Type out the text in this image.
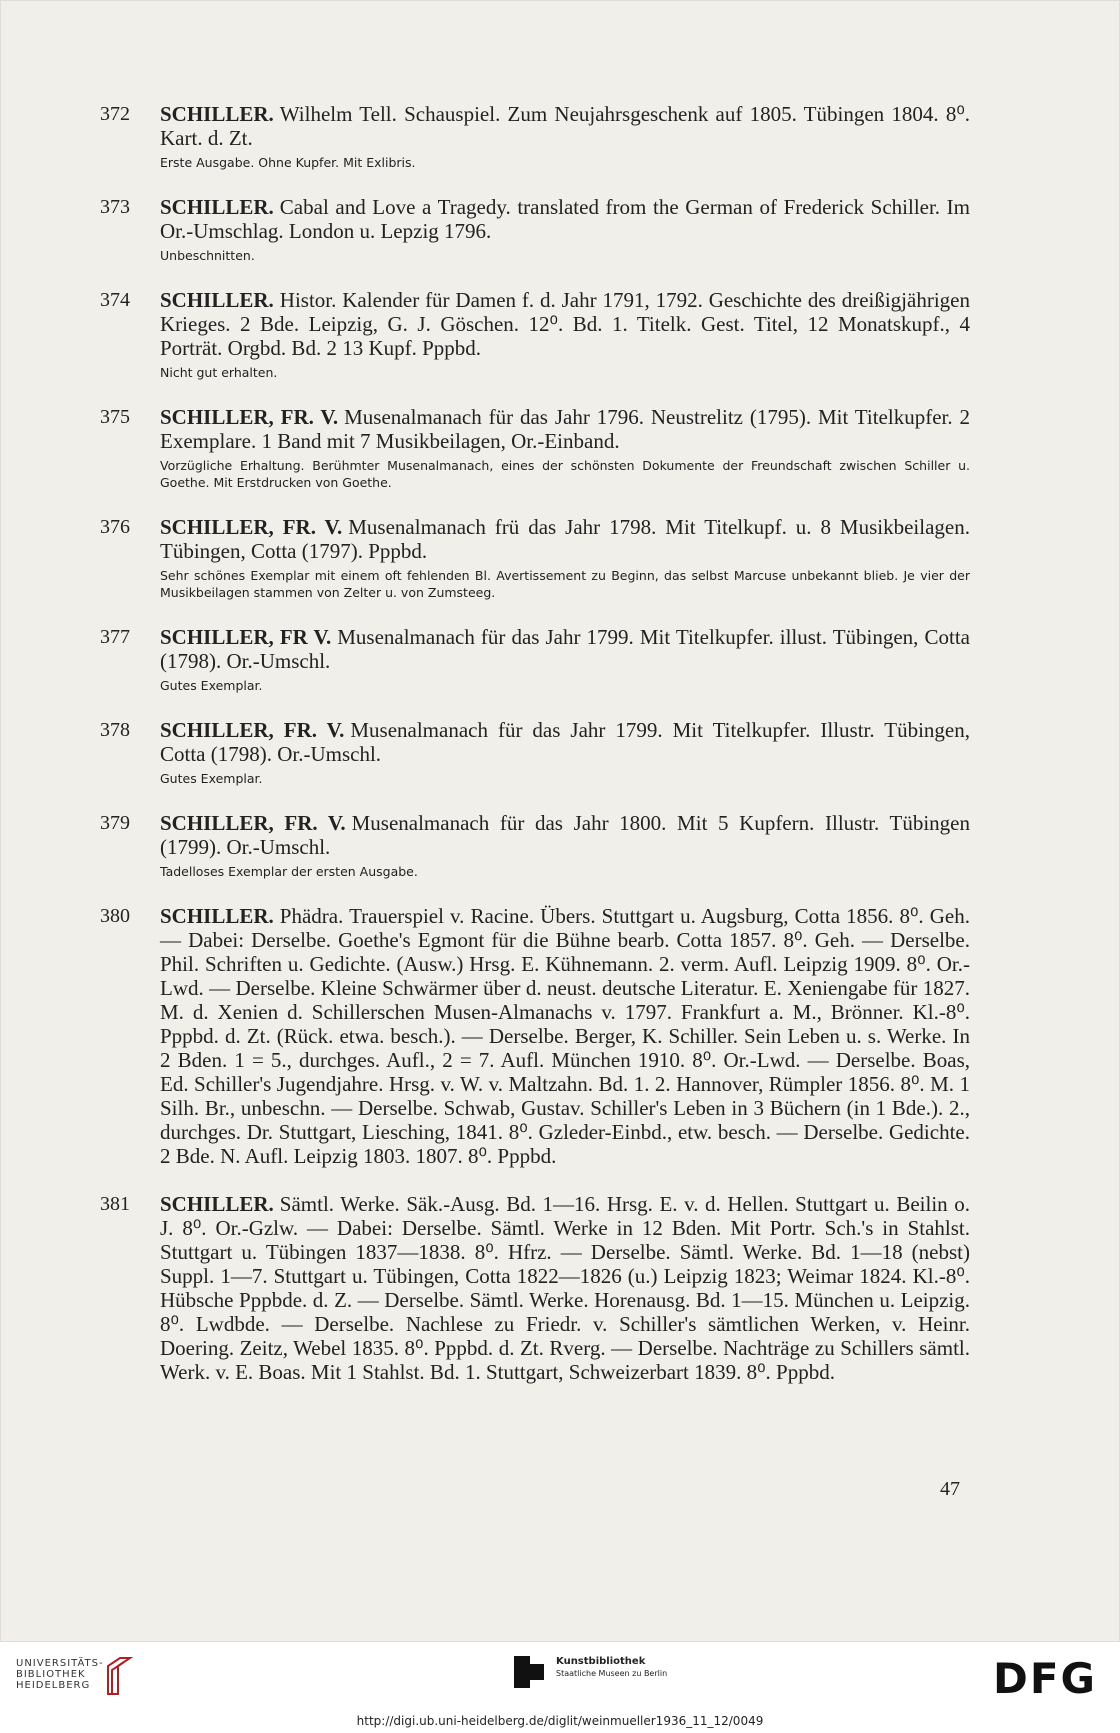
372	SCHILLER. Wilhelm Tell. Schauspiel. Zum Neujahrsgeschenk auf 1805. Tübingen 1804. 8⁰. Kart. d. Zt.
Erste Ausgabe. Ohne Kupfer. Mit Exlibris.
373	SCHILLER. Cabal and Love a Tragedy. translated from the German of Frederick Schiller. Im Or.-Umschlag. London u. Lepzig 1796.
Unbeschnitten.
374	SCHILLER. Histor. Kalender für Damen f. d. Jahr 1791, 1792. Geschichte des dreißigjährigen Krieges. 2 Bde. Leipzig, G. J. Göschen. 12⁰. Bd. 1. Titelk. Gest. Titel, 12 Monatskupf., 4 Porträt. Orgbd. Bd. 2 13 Kupf. Pppbd.
Nicht gut erhalten.
375	SCHILLER, FR. V. Musenalmanach für das Jahr 1796. Neustrelitz (1795). Mit Titelkupfer. 2 Exemplare. 1 Band mit 7 Musikbeilagen, Or.-Einband.
Vorzügliche Erhaltung. Berühmter Musenalmanach, eines der schönsten Dokumente der Freundschaft zwischen Schiller u. Goethe. Mit Erstdrucken von Goethe.
376	SCHILLER, FR. V. Musenalmanach frü das Jahr 1798. Mit Titelkupf. u. 8 Musikbeilagen. Tübingen, Cotta (1797). Pppbd.
Sehr schönes Exemplar mit einem oft fehlenden Bl. Avertissement zu Beginn, das selbst Marcuse unbekannt blieb. Je vier der Musikbeilagen stammen von Zelter u. von Zumsteeg.
377	SCHILLER, FR V. Musenalmanach für das Jahr 1799. Mit Titelkupfer. illust. Tübingen, Cotta (1798). Or.-Umschl.
Gutes Exemplar.
378	SCHILLER, FR. V. Musenalmanach für das Jahr 1799. Mit Titelkupfer. Illustr. Tübingen, Cotta (1798). Or.-Umschl.
Gutes Exemplar.
379	SCHILLER, FR. V. Musenalmanach für das Jahr 1800. Mit 5 Kupfern. Illustr. Tübingen (1799). Or.-Umschl.
Tadelloses Exemplar der ersten Ausgabe.
380	SCHILLER. Phädra. Trauerspiel v. Racine. Übers. Stuttgart u. Augsburg, Cotta 1856. 8⁰. Geh. — Dabei: Derselbe. Goethe's Egmont für die Bühne bearb. Cotta 1857. 8⁰. Geh. — Derselbe. Phil. Schriften u. Gedichte. (Ausw.) Hrsg. E. Kühnemann. 2. verm. Aufl. Leipzig 1909. 8⁰. Or.-Lwd. — Derselbe. Kleine Schwärmer über d. neust. deutsche Literatur. E. Xeniengabe für 1827. M. d. Xenien d. Schillerschen Musen-Almanachs v. 1797. Frankfurt a. M., Brönner. Kl.-8⁰. Pppbd. d. Zt. (Rück. etwa. besch.). — Derselbe. Berger, K. Schiller. Sein Leben u. s. Werke. In 2 Bden. 1 = 5., durchges. Aufl., 2 = 7. Aufl. München 1910. 8⁰. Or.-Lwd. — Derselbe. Boas, Ed. Schiller's Jugendjahre. Hrsg. v. W. v. Maltzahn. Bd. 1. 2. Hannover, Rümpler 1856. 8⁰. M. 1 Silh. Br., unbeschn. — Derselbe. Schwab, Gustav. Schiller's Leben in 3 Büchern (in 1 Bde.). 2., durchges. Dr. Stuttgart, Liesching, 1841. 8⁰. Gzleder-Einbd., etw. besch. — Derselbe. Gedichte. 2 Bde. N. Aufl. Leipzig 1803. 1807. 8⁰. Pppbd.
381	SCHILLER. Sämtl. Werke. Säk.-Ausg. Bd. 1—16. Hrsg. E. v. d. Hellen. Stuttgart u. Beilin o. J. 8⁰. Or.-Gzlw. — Dabei: Derselbe. Sämtl. Werke in 12 Bden. Mit Portr. Sch.'s in Stahlst. Stuttgart u. Tübingen 1837—1838. 8⁰. Hfrz. — Derselbe. Sämtl. Werke. Bd. 1—18 (nebst) Suppl. 1—7. Stuttgart u. Tübingen, Cotta 1822—1826 (u.) Leipzig 1823; Weimar 1824. Kl.-8⁰. Hübsche Pppbde. d. Z. — Derselbe. Sämtl. Werke. Horenausg. Bd. 1—15. München u. Leipzig. 8⁰. Lwdbde. — Derselbe. Nachlese zu Friedr. v. Schiller's sämtlichen Werken, v. Heinr. Doering. Zeitz, Webel 1835. 8⁰. Pppbd. d. Zt. Rverg. — Derselbe. Nachträge zu Schillers sämtl. Werk. v. E. Boas. Mit 1 Stahlst. Bd. 1. Stuttgart, Schweizerbart 1839. 8⁰. Pppbd.
47
UNIVERSITÄTS-
BIBLIOTHEK
HEIDELBERG
Kunstbibliothek
Staatliche Museen zu Berlin	DFG
http://digi.ub.uni-heidelberg.de/diglit/weinmueller1936_11_12/0049
